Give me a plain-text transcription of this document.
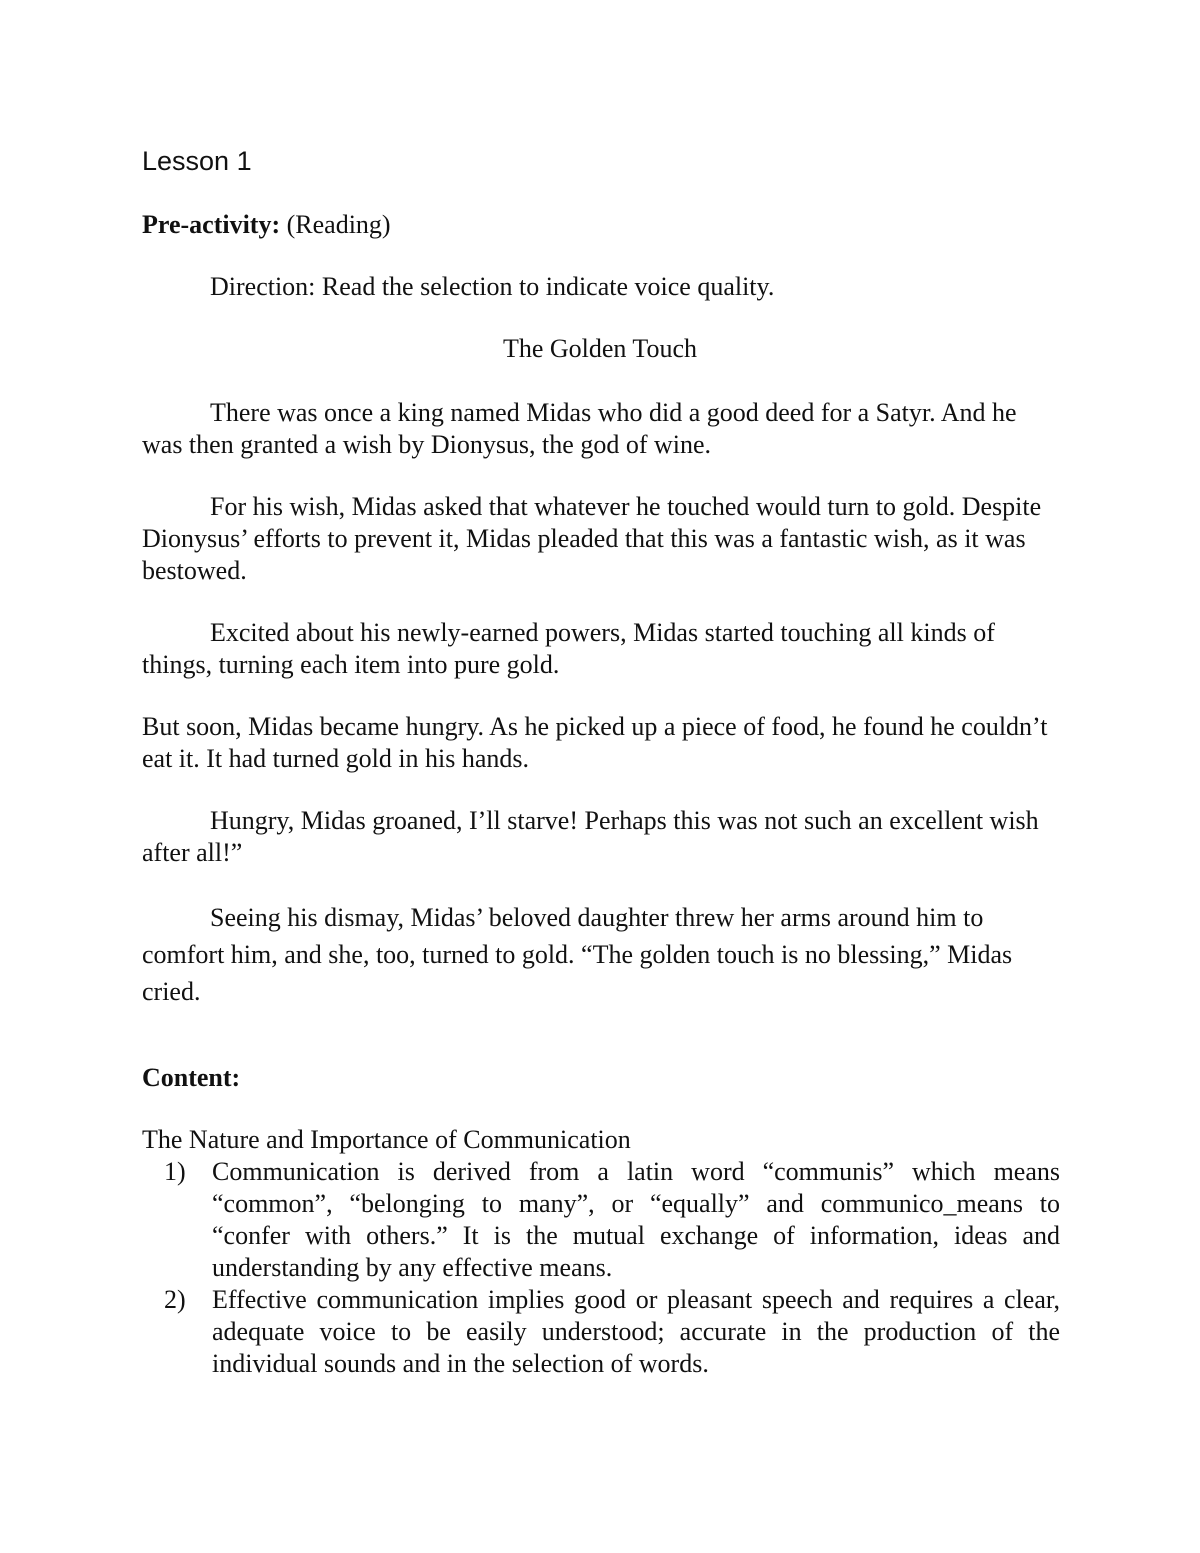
Lesson 1
Pre-activity: (Reading)
Direction: Read the selection to indicate voice quality.
The Golden Touch

There was once a king named Midas who did a good deed for a Satyr. And he was then granted a wish by Dionysus, the god of wine.

For his wish, Midas asked that whatever he touched would turn to gold. Despite Dionysus’ efforts to prevent it, Midas pleaded that this was a fantastic wish, as it was bestowed.

Excited about his newly-earned powers, Midas started touching all kinds of things, turning each item into pure gold.

But soon, Midas became hungry. As he picked up a piece of food, he found he couldn’t eat it. It had turned gold in his hands.

Hungry, Midas groaned, I’ll starve! Perhaps this was not such an excellent wish after all!”

Seeing his dismay, Midas’ beloved daughter threw her arms around him to comfort him, and she, too, turned to gold. “The golden touch is no blessing,” Midas cried.

Content:
The Nature and Importance of Communication
1) Communication is derived from a latin word “communis” which means “common”, “belonging to many”, or “equally” and communico_means to “confer with others.” It is the mutual exchange of information, ideas and understanding by any effective means.
2) Effective communication implies good or pleasant speech and requires a clear, adequate voice to be easily understood; accurate in the production of the individual sounds and in the selection of words.
